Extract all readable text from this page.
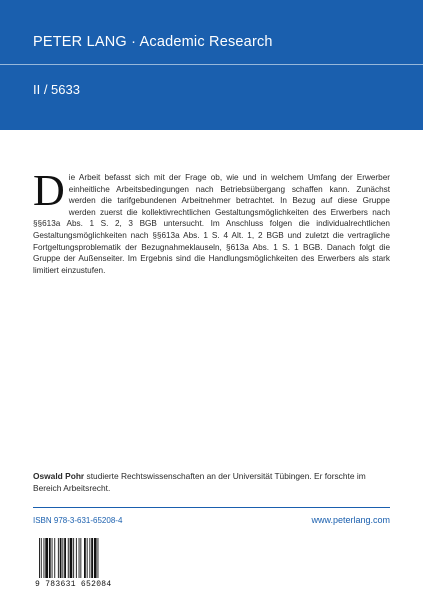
PETER LANG · Academic Research
II / 5633
Die Arbeit befasst sich mit der Frage ob, wie und in welchem Umfang der Erwerber einheitliche Arbeitsbedingungen nach Betriebsübergang schaffen kann. Zunächst werden die tarifgebundenen Arbeitnehmer betrachtet. In Bezug auf diese Gruppe werden zuerst die kollektivrechtlichen Gestaltungsmöglichkeiten des Erwerbers nach §§613a Abs. 1 S. 2, 3 BGB untersucht. Im Anschluss folgen die individualrechtlichen Gestaltungsmöglichkeiten nach §§613a Abs. 1 S. 4 Alt. 1, 2 BGB und zuletzt die vertragliche Fortgeltungsproblematik der Bezugnahmeklauseln, §613a Abs. 1 S. 1 BGB. Danach folgt die Gruppe der Außenseiter. Im Ergebnis sind die Handlungsmöglichkeiten des Erwerbers als stark limitiert einzustufen.
Oswald Pohr studierte Rechtswissenschaften an der Universität Tübingen. Er forschte im Bereich Arbeitsrecht.
ISBN 978-3-631-65208-4	www.peterlang.com
9 783631 652084
